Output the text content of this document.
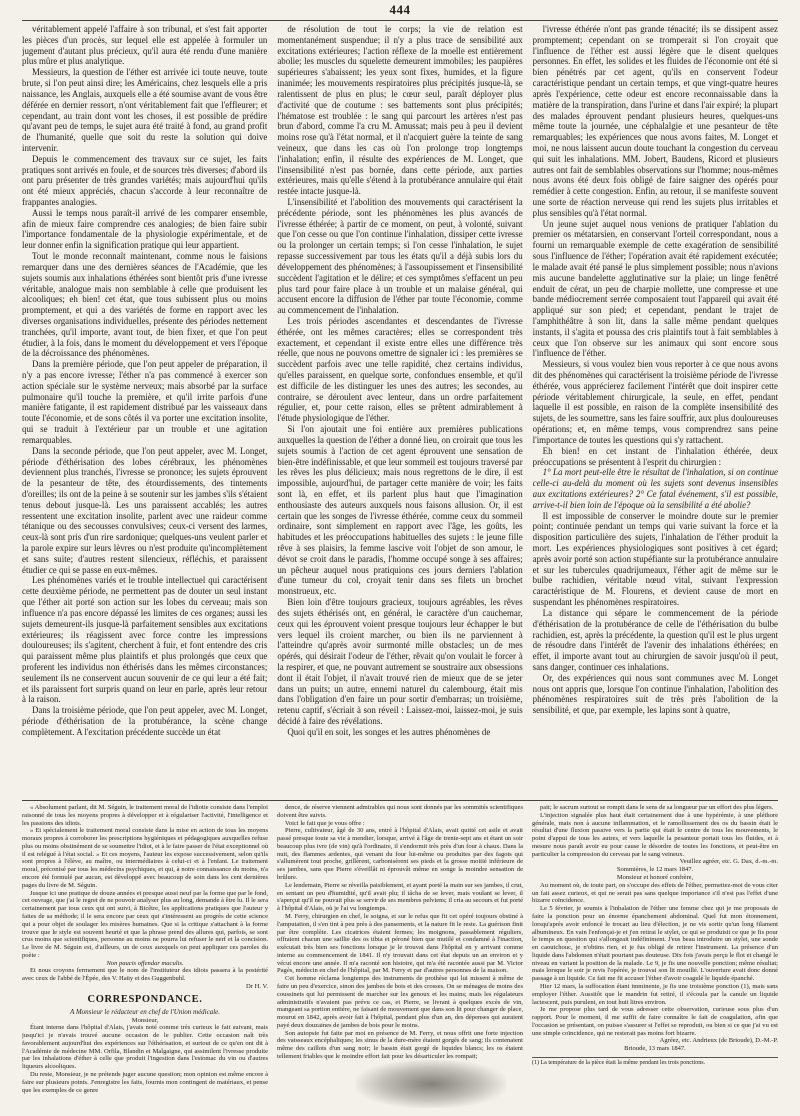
444

véritablement appelé l'affaire à son tribunal, et s'est fait apporter les pièces d'un procès, sur lequel elle est appelée à formuler un jugement d'autant plus précieux, qu'il aura été rendu d'une manière plus mûre et plus analytique.

Messieurs, la question de l'éther est arrivée ici toute neuve, toute brute, si l'on peut ainsi dire; les Américains, chez lesquels elle a pris naissance, les Anglais, auxquels elle a été soumise avant de vous être déférée en dernier ressort, n'ont véritablement fait que l'effleurer; et cependant, au train dont vont les choses, il est possible de prédire qu'avant peu de temps, le sujet aura été traité à fond, au grand profit de l'humanité, quelle que soit du reste la solution qui doive intervenir.

Depuis le commencement des travaux sur ce sujet, les faits pratiques sont arrivés en foule, et de sources très diverses; d'abord ils ont paru présenter de très grandes variétés; mais aujourd'hui qu'ils ont été mieux appréciés, chacun s'accorde à leur reconnaître de frappantes analogies.

Aussi le temps nous paraît-il arrivé de les comparer ensemble, afin de mieux faire comprendre ces analogies; de bien faire subir l'importance fondamentale de la physiologie expérimentale, et de leur donner enfin la signification pratique qui leur appartient.

Tout le monde reconnaît maintenant, comme nous le faisions remarquer dans une des dernières séances de l'Académie, que les sujets soumis aux inhalations éthérées sont bientôt pris d'une ivresse véritable, analogue mais non semblable à celle que produisent les alcooliques; eh bien! cet état, que tous subissent plus ou moins promptement, et qui a des variétés de forme en rapport avec les diverses organisations individuelles, présente des périodes nettement tranchées, qu'il importe, avant tout, de bien fixer, et que l'on peut étudier, à la fois, dans le moment du développement et vers l'époque de la décroissance des phénomènes.

Dans la première période, que l'on peut appeler de préparation, il n'y a pas encore ivresse; l'éther n'a pas commencé à exercer son action spéciale sur le système nerveux; mais absorbé par la surface pulmonaire qu'il touche la première, et qu'il irrite parfois d'une manière fatigante, il est rapidement distribué par les vaisseaux dans toute l'économie, et de sons côtés il va porter une excitation insolite, qui se traduit à l'extérieur par un trouble et une agitation remarquables.

Dans la seconde période, que l'on peut appeler, avec M. Longet, période d'éthérisation des lobes cérébraux, les phénomènes deviennent plus tranchés, l'ivresse se prononce; les sujets éprouvent de la pesanteur de tête, des étourdissements, des tintements d'oreilles; ils ont de la peine à se soutenir sur les jambes s'ils s'étaient tenus debout jusque-là. Les uns paraissent accablés; les autres ressentent une excitation insolite, parlent avec une raideur comme tétanique ou des secousses convulsives; ceux-ci versent des larmes, ceux-là sont pris d'un rire sardonique; quelques-uns veulent parler et la parole expire sur leurs lèvres ou n'est produite qu'incomplètement et sans suite; d'autres restent silencieux, réfléchis, et paraissent étudier ce qui se passe en eux-mêmes.

Les phénomènes variés et le trouble intellectuel qui caractérisent cette deuxième période, ne permettent pas de douter un seul instant que l'éther ait porté son action sur les lobes du cerveau; mais son influence n'a pas encore dépassé les limites de ces organes; aussi les sujets demeurent-ils jusque-là parfaitement sensibles aux excitations extérieures; ils réagissent avec force contre les impressions douloureuses; ils s'agitent, cherchent à fuir, et font entendre des cris qui paraissent même plus plaintifs et plus prolongés que ceux que proferent les individus non éthérisés dans les mêmes circonstances; seulement ils ne conservent aucun souvenir de ce qui leur a été fait; et ils paraissent fort surpris quand on leur en parle, après leur retour à la raison.

Dans la troisième période, que l'on peut appeler, avec M. Longet, période d'éthérisation de la protubérance, la scène change complètement. A l'excitation précédente succède un état

de résolution de tout le corps; la vie de relation est momentanément suspendue; il n'y a plus trace de sensibilité aux excitations extérieures; l'action réflexe de la moelle est entièrement abolie; les muscles du squelette demeurent immobiles; les paupières supérieures s'abaissent; les yeux sont fixes, humides, et la figure inanimée; les mouvements respiratoires plus précipités jusque-là, se ralentissent de plus en plus; le cœur seul, paraît déployer plus d'activité que de coutume : ses battements sont plus précipités; l'hématose est troublée : le sang qui parcourt les artères n'est pas brun d'abord, comme l'a cru M. Amussat; mais peu à peu il devient moins rose qu'à l'état normal, et il n'acquiert guère la teinte de sang veineux, que dans les cas où l'on prolonge trop longtemps l'inhalation; enfin, il résulte des expériences de M. Longet, que l'insensibilité n'est pas bornée, dans cette période, aux parties extérieures, mais qu'elle s'étend à la protubérance annulaire qui était restée intacte jusque-là.

L'insensibilité et l'abolition des mouvements qui caractérisent la précédente période, sont les phénomènes les plus avancés de l'ivresse éthérée; à partir de ce moment, on peut, à volonté, suivant que l'on cesse ou que l'on continue l'inhalation, dissiper cette ivresse ou la prolonger un certain temps; si l'on cesse l'inhalation, le sujet repasse successivement par tous les états qu'il a déjà subis lors du développement des phénomènes; à l'assoupissement et l'insensibilité succèdent l'agitation et le délire; et ces symptômes s'effacent un peu plus tard pour faire place à un trouble et un malaise général, qui accusent encore la diffusion de l'éther par toute l'économie, comme au commencement de l'inhalation.

Les trois périodes ascendantes et descendantes de l'ivresse éthérée, ont les mêmes caractères; elles se correspondent très exactement, et cependant il existe entre elles une différence très réelle, que nous ne pouvons omettre de signaler ici : les premières se succèdent parfois avec une telle rapidité, chez certains individus, qu'elles paraissent, en quelque sorte, confondues ensemble, et qu'il est difficile de les distinguer les unes des autres; les secondes, au contraire, se déroulent avec lenteur, dans un ordre parfaitement régulier, et, pour cette raison, elles se prêtent admirablement à l'étude physiologique de l'éther.

Si l'on ajoutait une foi entière aux premières publications auxquelles la question de l'éther a donné lieu, on croirait que tous les sujets soumis à l'action de cet agent éprouvent une sensation de bien-être indéfinissable, et que leur sommeil est toujours traversé par les rêves les plus délicieux; mais nous regrettons de le dire, il est impossible, aujourd'hui, de partager cette manière de voir; les faits sont là, en effet, et ils parlent plus haut que l'imagination enthousiaste des auteurs auxquels nous faisons allusion. Or, il est certain que les songes de l'ivresse éthérée, comme ceux du sommeil ordinaire, sont simplement en rapport avec l'âge, les goûts, les habitudes et les préoccupations habituelles des sujets : le jeune fille rêve à ses plaisirs, la femme lascive voit l'objet de son amour, le dévot se croit dans le paradis, l'homme occupé songe à ses affaires; un pêcheur auquel nous pratiquions ces jours derniers l'ablation d'une tumeur du col, croyait tenir dans ses filets un brochet monstrueux, etc.

Bien loin d'être toujours gracieux, toujours agréables, les rêves des sujets éthérisés ont, en général, le caractère d'un cauchemar, ceux qui les éprouvent voient presque toujours leur échapper le but vers lequel ils croient marcher, ou bien ils ne parviennent à l'atteindre qu'après avoir surmonté mille obstacles; un de mes opérés, qui désirait l'odeur de l'éther, rêvait qu'on voulait le forcer à la respirer, et que, ne pouvant autrement se soustraire aux obsessions dont il était l'objet, il n'avait trouvé rien de mieux que de se jeter dans un puits; un autre, ennemi naturel du calembourg, était mis dans l'obligation d'en faire un pour sortir d'embarras; un troisième, retenu captif, s'écriait à son réveil : Laissez-moi, laissez-moi, je suis décidé à faire des révélations.

Quoi qu'il en soit, les songes et les autres phénomènes de

l'ivresse éthérée n'ont pas grande ténacité; ils se dissipent assez promptement; cependant on se tromperait si l'on croyait que l'influence de l'éther est aussi légère que le disent quelques personnes. En effet, les solides et les fluides de l'économie ont été si bien pénétrés par cet agent, qu'ils en conservent l'odeur caractéristique pendant un certain temps, et que vingt-quatre heures après l'expérience, cette odeur est encore reconnaissable dans la matière de la transpiration, dans l'urine et dans l'air expiré; la plupart des malades éprouvent pendant plusieurs heures, quelques-uns même toute la journée, une céphalalgie et une pesanteur de tête remarquables; les expériences que nous avons faites, M. Longet et moi, ne nous laissent aucun doute touchant la congestion du cerveau qui suit les inhalations. MM. Jobert, Baudens, Ricord et plusieurs autres ont fait de semblables observations sur l'homme; nous-mêmes nous avons été deux fois obligé de faire saigner des opérés pour remédier à cette congestion. Enfin, au retour, il se manifeste souvent une sorte de réaction nerveuse qui rend les sujets plus irritables et plus sensibles qu'à l'état normal.

Un jeune sujet auquel nous venions de pratiquer l'ablation du premier os métatarsien, en conservant l'orteil correspondant, nous a fourni un remarquable exemple de cette exagération de sensibilité sous l'influence de l'éther; l'opération avait été rapidement exécutée; le malade avait été pansé le plus simplement possible; nous n'avions mis aucune bandelette agglutinative sur la plaie; un linge fenêtré enduit de cérat, un peu de charpie mollette, une compresse et une bande médiocrement serrée composaient tout l'appareil qui avait été appliqué sur son pied; et cependant, pendant le trajet de l'amphithéâtre à son lit, dans la salle même pendant quelques instants, il s'agita et poussa des cris plaintifs tout à fait semblables à ceux que l'on observe sur les animaux qui sont encore sous l'influence de l'éther.

Messieurs, si vous voulez bien vous reporter à ce que nous avons dit des phénomènes qui caractérisent la troisième période de l'ivresse éthérée, vous apprécierez facilement l'intérêt que doit inspirer cette période véritablement chirurgicale, la seule, en effet, pendant laquelle il est possible, en raison de la complète insensibilité des sujets, de les soumettre, sans les faire souffrir, aux plus douloureuses opérations; et, en même temps, vous comprendrez sans peine l'importance de toutes les questions qui s'y rattachent.

Eh bien! en cet instant de l'inhalation éthérée, deux préoccupations se présentent à l'esprit du chirurgien :

1° La mort peut-elle être le résultat de l'inhalation, si on continue celle-ci au-delà du moment où les sujets sont devenus insensibles aux excitations extérieures? 2° Ce fatal événement, s'il est possible, arrive-t-il bien loin de l'époque où la sensibilité a été abolie?

Il est impossible de conserver le moindre doute sur le premier point; continuée pendant un temps qui varie suivant la force et la disposition particulière des sujets, l'inhalation de l'éther produit la mort. Les expériences physiologiques sont positives à cet égard; après avoir porté son action stupéfiante sur la protubérance annulaire et sur les tubercules quadrijumeaux, l'éther agit de même sur le bulbe rachidien, véritable nœud vital, suivant l'expression caractéristique de M. Flourens, et devient cause de mort en suspendant les phénomènes respiratoires.

La distance qui sépare le commencement de la période d'éthérisation de la protubérance de celle de l'éthérisation du bulbe rachidien, est, après la précédente, la question qu'il est le plus urgent de résoudre dans l'intérêt de l'avenir des inhalations éthérées; en effet, il importe avant tout au chirurgien de savoir jusqu'où il peut, sans danger, continuer ces inhalations.

Or, des expériences qui nous sont communes avec M. Longet nous ont appris que, lorsque l'on continue l'inhalation, l'abolition des phénomènes respiratoires suit de très près l'abolition de la sensibilité, et que, par exemple, les lapins sont à quatre,

« Absolument parlant, dit M. Séguin, le traitement moral de l'idiotie consiste dans l'emploi raisonné de tous les moyens propres à développer et à régulariser l'activité, l'intelligence et les passions des idiots.

» Et spécialement le traitement moral consiste dans la mise en action de tous les moyens moraux propres à corroborer les prescriptions hygiéniques et pédagogiques auxquelles refuse plus ou moins obstinément de se soumettre l'idiot, et à le faire passer de l'état exceptionnel où il est relégué à l'état social. » Et ces moyens, l'auteur les expose successivement, selon qu'ils sont propres à l'élève, au maître, ou intermédiaires à celui-ci et à l'enfant. Le traitement moral, préconisé par tous les médecins psychiques, et qui, à notre connaissance du moins, n'a encore été formulé par aucun, est développé avec beaucoup de soin dans les cent dernières pages du livre de M. Séguin.

Jusque ici une pratique de douze années et presque aussi neuf par la forme que par le fond, cet ouvrage, que j'ai le regret de ne pouvoir analyser plus au long, demande à être lu. Il le sera certainement par tous ceux qui ont suivi, à Bicêtre, les applications pratiques que l'auteur y faites de sa méthode; il le sera encore par ceux qui s'intéressent au progrès de cette science qui a pour objet de soulager les misères humaines. Que si la critique s'attachant à la forme trouve que le style est souvent heurté et que la phrase prend des allures qui, parfois, se sont crus moins que scientifiques, personne au moins ne pourra lui refuser le nerf et la concision. Le livre de M. Séguin est, d'ailleurs, un de ceux auxquels on peut appliquer ces paroles du poète :

Non paucis offendar maculis.

Et nous croyons fermement que le nom de l'instituteur des idiots passera à la postérité avec ceux de l'abbé de l'Épée, des V. Haüy et des Guggenbuhl.

Dr H. V.

CORRESPONDANCE.

A Monsieur le rédacteur en chef de l'Union médicale.

Monsieur,

Étant interne dans l'hôpital d'Alais, j'avais noté comme très curieux le fait suivant, mais jusqu'ici je n'avais trouvé aucune occasion de le publier. Cette occasion naît très favorablement aujourd'hui des expériences sur l'éthérisation, et surtout de ce qu'en ont dit à l'Académie de médecine MM. Orfila, Blandin et Malgaigne, qui assimilent l'ivresse produite par les inhalations d'éther à celle que produit l'ingestion dans l'estomac du vin ou d'autres liqueurs alcooliques.

Du reste, Monsieur, je ne prétends juger aucune question; mon opinion est même encore à faire sur plusieurs points. J'enregistre les faits, fournis mon contingent de matériaux, et pense que les exemples de ce genre

dence, de réserve viennent admirables qui nous sont donnés par les sommités scientifiques doivent être suivis.

Voici le fait que je vous offre :

Pierre, cultivateur, âgé de 30 ans, entré à l'hôpital d'Alais, avait quitté cet asile et avait passé presque toute sa vie à mendier, lorsque, arrivé à l'âge de trente-sept ans et étant un soir beaucoup plus ivre (de vin) qu'à l'ordinaire, il s'endormit très près d'un four à chaux. Dans la nuit, des flammes ardentes, qui venant du four lui-même ou produites par des fagots qui s'allumèrent tout proche, grillèrent, carbonisèrent ses pieds et la grosse moitié inférieure de ses jambes, sans que Pierre s'éveillât ni éprouvât même en songe la moindre sensation de brûlure.

Le lendemain, Pierre se réveilla paisiblement, et ayant porté la main sur ses jambes, il crut, en sentant un peu d'humidité, qu'il avait plu; il tâcha de se lever, mais voulant se lever, il s'aperçut qu'il ne pouvait plus se servir de ses membres pelviens; il cria au secours et fut porté à l'hôpital d'Alais, où je l'ai vu longtemps.

M. Ferry, chirurgien en chef, le soigna, et sur le refus que fit cet opéré toujours obstiné à l'amputation, il s'en tint à peu près à des pansements, et la nature fit le reste. La guérison finit par être complète. Les cicatrices étaient fermes; les moignons, passablement réguliers, offraient chacun une saillie des os tibia et péroné bien que mutilé et condamné à l'inaction, exécutait très bien ses fonctions lorsque je le trouvai dans l'hôpital en y arrivant comme interne au commencement de 1841. Il n'y trouvait dans cet état depuis un an environ et y vécut encore une année. Il m'a raconté son histoire, qui m'a été racontée aussi par M. Victor Pagès, médecin en chef de l'hôpital, par M. Ferry et par d'autres personnes de la maison.

Cet homme réclama longtemps des instruments de prothèse qui lui missent à même de faire un peu d'exercice, sinon des jambes de bois et des crosses. On se ménagea de moins des coussinets qui lui permissent de marcher sur les genoux et les mains; mais les régulateurs administratifs n'avaient pas prévu ce cas, et Pierre, se livrant à quelques excès de vin, mangeant sa portion entière, ne faisant de mouvement que dans son lit pour changer de place, mourut en 1842, après avoir fait à l'hôpital, pendant plus d'un an, des dépenses qui auraient payé deux douzaines de jambes de bois pour le moins.

Son autopsie fut faite par moi en présence de M. Ferry, et nous offrit une forte injection des vaisseaux encéphaliques; les sinus de la dure-mère étaient gorgés de sang; ils contenaient même des caillots d'un sang noir; le bassin était gorgé de liquides blancs; les os étaient tellement friables que le moindre effort fait pour les désarticuler les rompait;

pait; le sacrum surtout se rompit dans le sens de sa longueur par un effort des plus légers.

L'injection signalée plus haut était certainement due à une hypérémie, à une pléthore générale, mais non à aucune inflammation, et le ramollissement des os du bassin était le résultat d'une fluxion passive vers la partie qui était le centre de tous les mouvements, le point d'appui de tous les autres, et vers laquelle la pesanteur portait tous les fluides, et à mesure nous paraît avoir eu pour cause le désordre de toutes les fonctions, et peut-être en particulier la compression du cerveau par le sang veineux.

Veuillez agréer, etc. G. Dax, d.-m.-m.

Sommières, le 12 mars 1847.

Monsieur et honoré confrère,

Au moment où, de toute part, on s'occupe des effets de l'éther, permettez-moi de vous citer un fait assez curieux, et qui ne serait pas sans quelque importance s'il n'est pas l'effet d'une bizarre coïncidence.

Le 5 février, je soumis à l'inhalation de l'éther une femme chez qui je me proposais de faire la ponction pour un énorme épanchement abdominal. Quel fut mon étonnement, lorsqu'après avoir enfoncé le trocart au lieu d'élection, je ne vis sortir qu'un long filament albumineux. En vain l'enfonçai-je et j'en retirai le stylet, ce qui se produisit ce que je fis pour le temps en question qui s'allongeait indéfiniment. J'eus beau introduire un stylet, une sonde en caoutchouc, je n'obtins rien, et je fus obligé de retirer l'instrument. La présence d'un liquide dans l'abdomen n'était pourtant pas douteuse. Dix fois j'avais perçu le flot et changé le niveau en variant la position de la malade. Le 9, je fis une nouvelle ponction; même résultat; mais lorsque le soir je revis l'opérée, je trouvai son lit mouillé. L'ouverture avait donc donné passage à un liquide. Ce fait me fit accuser l'éther d'avoir coagulé le liquide épanché.

Hier 12 mars, la suffocation étant imminente, je fis une troisième ponction (1), mais sans employer l'éther. Aussitôt que le mandrin fut retiré, il s'écoula par la canule un liquide lactescent, puis purulent, en tout huit litres environ.

Je me propose plus tard de vous adresser cette observation, curieuse sous plus d'un rapport. Pour le moment, il me suffit de faire connaître le fait de coagulation, afin que l'occasion se présentant, on puisse s'assurer si l'effet se reproduit, ou bien si ce que j'ai vu est une simple coïncidence, qui ne resterait pas moins fort bizarre.

Agréez, etc. Andrieux (de Brioude), D.-M.-P.

Brioude, 13 mars 1847.

(1) La température de la pièce était la même pendant les trois ponctions.
